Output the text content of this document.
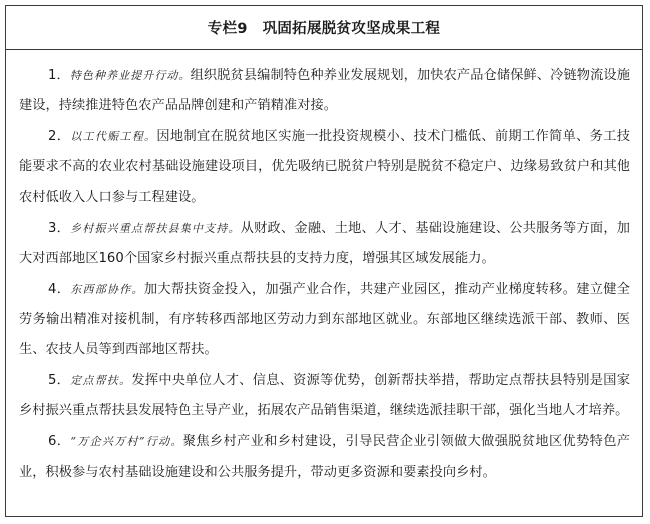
专栏9　巩固拓展脱贫攻坚成果工程

1．特色种养业提升行动。组织脱贫县编制特色种养业发展规划，加快农产品仓储保鲜、冷链物流设施建设，持续推进特色农产品品牌创建和产销精准对接。

2．以工代赈工程。因地制宜在脱贫地区实施一批投资规模小、技术门槛低、前期工作简单、务工技能要求不高的农业农村基础设施建设项目，优先吸纳已脱贫户特别是脱贫不稳定户、边缘易致贫户和其他农村低收入人口参与工程建设。

3．乡村振兴重点帮扶县集中支持。从财政、金融、土地、人才、基础设施建设、公共服务等方面，加大对西部地区160个国家乡村振兴重点帮扶县的支持力度，增强其区域发展能力。

4．东西部协作。加大帮扶资金投入，加强产业合作，共建产业园区，推动产业梯度转移。建立健全劳务输出精准对接机制，有序转移西部地区劳动力到东部地区就业。东部地区继续选派干部、教师、医生、农技人员等到西部地区帮扶。

5．定点帮扶。发挥中央单位人才、信息、资源等优势，创新帮扶举措，帮助定点帮扶县特别是国家乡村振兴重点帮扶县发展特色主导产业，拓展农产品销售渠道，继续选派挂职干部，强化当地人才培养。

6．“万企兴万村”行动。聚焦乡村产业和乡村建设，引导民营企业引领做大做强脱贫地区优势特色产业，积极参与农村基础设施建设和公共服务提升，带动更多资源和要素投向乡村。
